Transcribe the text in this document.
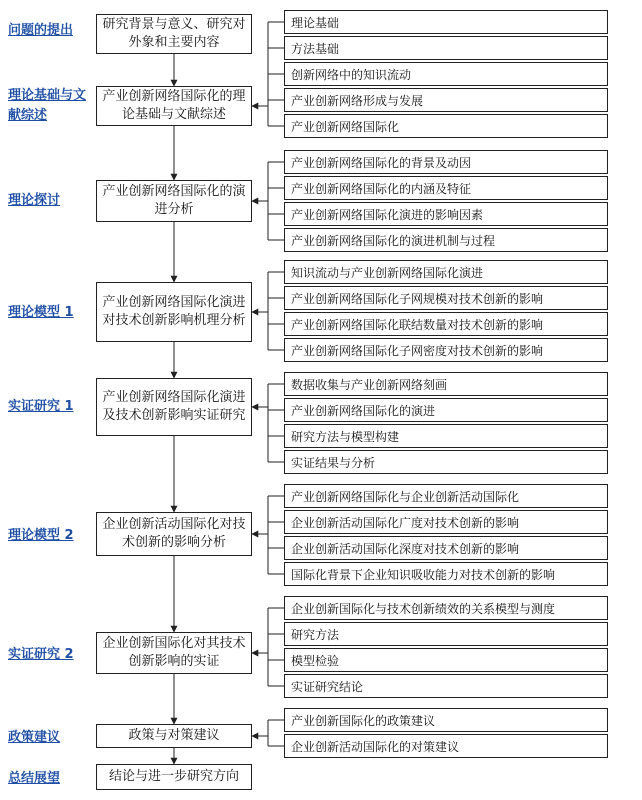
问题的提出
理论基础与文献综述
理论探讨
理论模型 1
实证研究 1
理论模型 2
实证研究 2
政策建议
总结展望
研究背景与意义、研究对外象和主要内容
产业创新网络国际化的理论基础与文献综述
产业创新网络国际化的演进分析
产业创新网络国际化演进对技术创新影响机理分析
产业创新网络国际化演进及技术创新影响实证研究
企业创新活动国际化对技术创新的影响分析
企业创新国际化对其技术创新影响的实证
政策与对策建议
结论与进一步研究方向
理论基础
方法基础
创新网络中的知识流动
产业创新网络形成与发展
产业创新网络国际化
产业创新网络国际化的背景及动因
产业创新网络国际化的内涵及特征
产业创新网络国际化演进的影响因素
产业创新网络国际化的演进机制与过程
知识流动与产业创新网络国际化演进
产业创新网络国际化子网规模对技术创新的影响
产业创新网络国际化联结数量对技术创新的影响
产业创新网络国际化子网密度对技术创新的影响
数据收集与产业创新网络刻画
产业创新网络国际化的演进
研究方法与模型构建
实证结果与分析
产业创新网络国际化与企业创新活动国际化
企业创新活动国际化广度对技术创新的影响
企业创新活动国际化深度对技术创新的影响
国际化背景下企业知识吸收能力对技术创新的影响
企业创新国际化与技术创新绩效的关系模型与测度
研究方法
模型检验
实证研究结论
产业创新国际化的政策建议
企业创新活动国际化的对策建议
